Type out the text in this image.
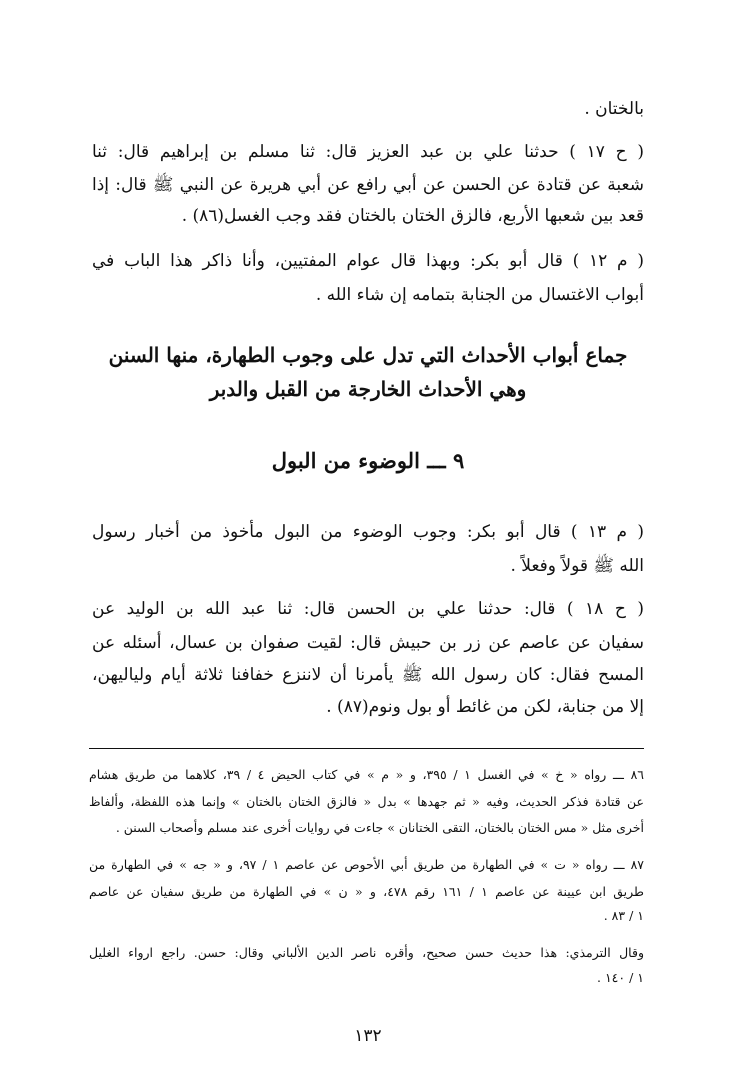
بالختان .
( ح ١٧ ) حدثنا علي بن عبد العزيز قال: ثنا مسلم بن إبراهيم قال: ثنا
شعبة عن قتادة عن الحسن عن أبي رافع عن أبي هريرة عن النبي ﷺ قال: إذا
قعد بين شعبها الأربع، فالزق الختان بالختان فقد وجب الغسل(٨٦) .
( م ١٢ ) قال أبو بكر: وبهذا قال عوام المفتيين، وأنا ذاكر هذا الباب في
أبواب الاغتسال من الجنابة بتمامه إن شاء الله .
جماع أبواب الأحداث التي تدل على وجوب الطهارة، منها السنن
وهي الأحداث الخارجة من القبل والدبر
٩ ـــ الوضوء من البول
( م ١٣ ) قال أبو بكر: وجوب الوضوء من البول مأخوذ من أخبار رسول
الله ﷺ قولاً وفعلاً .
( ح ١٨ ) قال: حدثنا علي بن الحسن قال: ثنا عبد الله بن الوليد عن
سفيان عن عاصم عن زر بن حبيش قال: لقيت صفوان بن عسال، أسئله عن
المسح فقال: كان رسول الله ﷺ يأمرنا أن لاننزع خفافنا ثلاثة أيام ولياليهن،
إلا من جنابة، لكن من غائط أو بول ونوم(٨٧) .
٨٦ ـــ رواه « خ » في الغسل ١ / ٣٩٥، و « م » في كتاب الحيض ٤ / ٣٩، كلاهما من طريق هشام
عن قتادة فذكر الحديث، وفيه « ثم جهدها » بدل « فالزق الختان بالختان » وإنما هذه اللفظة، وألفاظ
أخرى مثل « مس الختان بالختان، التقى الختانان » جاءت في روايات أخرى عند مسلم وأصحاب السنن .
٨٧ ـــ رواه « ت » في الطهارة من طريق أبي الأحوص عن عاصم ١ / ٩٧، و « جه » في الطهارة من
طريق ابن عيينة عن عاصم ١ / ١٦١ رقم ٤٧٨، و « ن » في الطهارة من طريق سفيان عن عاصم
١ / ٨٣ .
وقال الترمذي: هذا حديث حسن صحيح، وأقره ناصر الدين الألباني وقال: حسن. راجع ارواء الغليل
١ / ١٤٠ .
١٣٢
